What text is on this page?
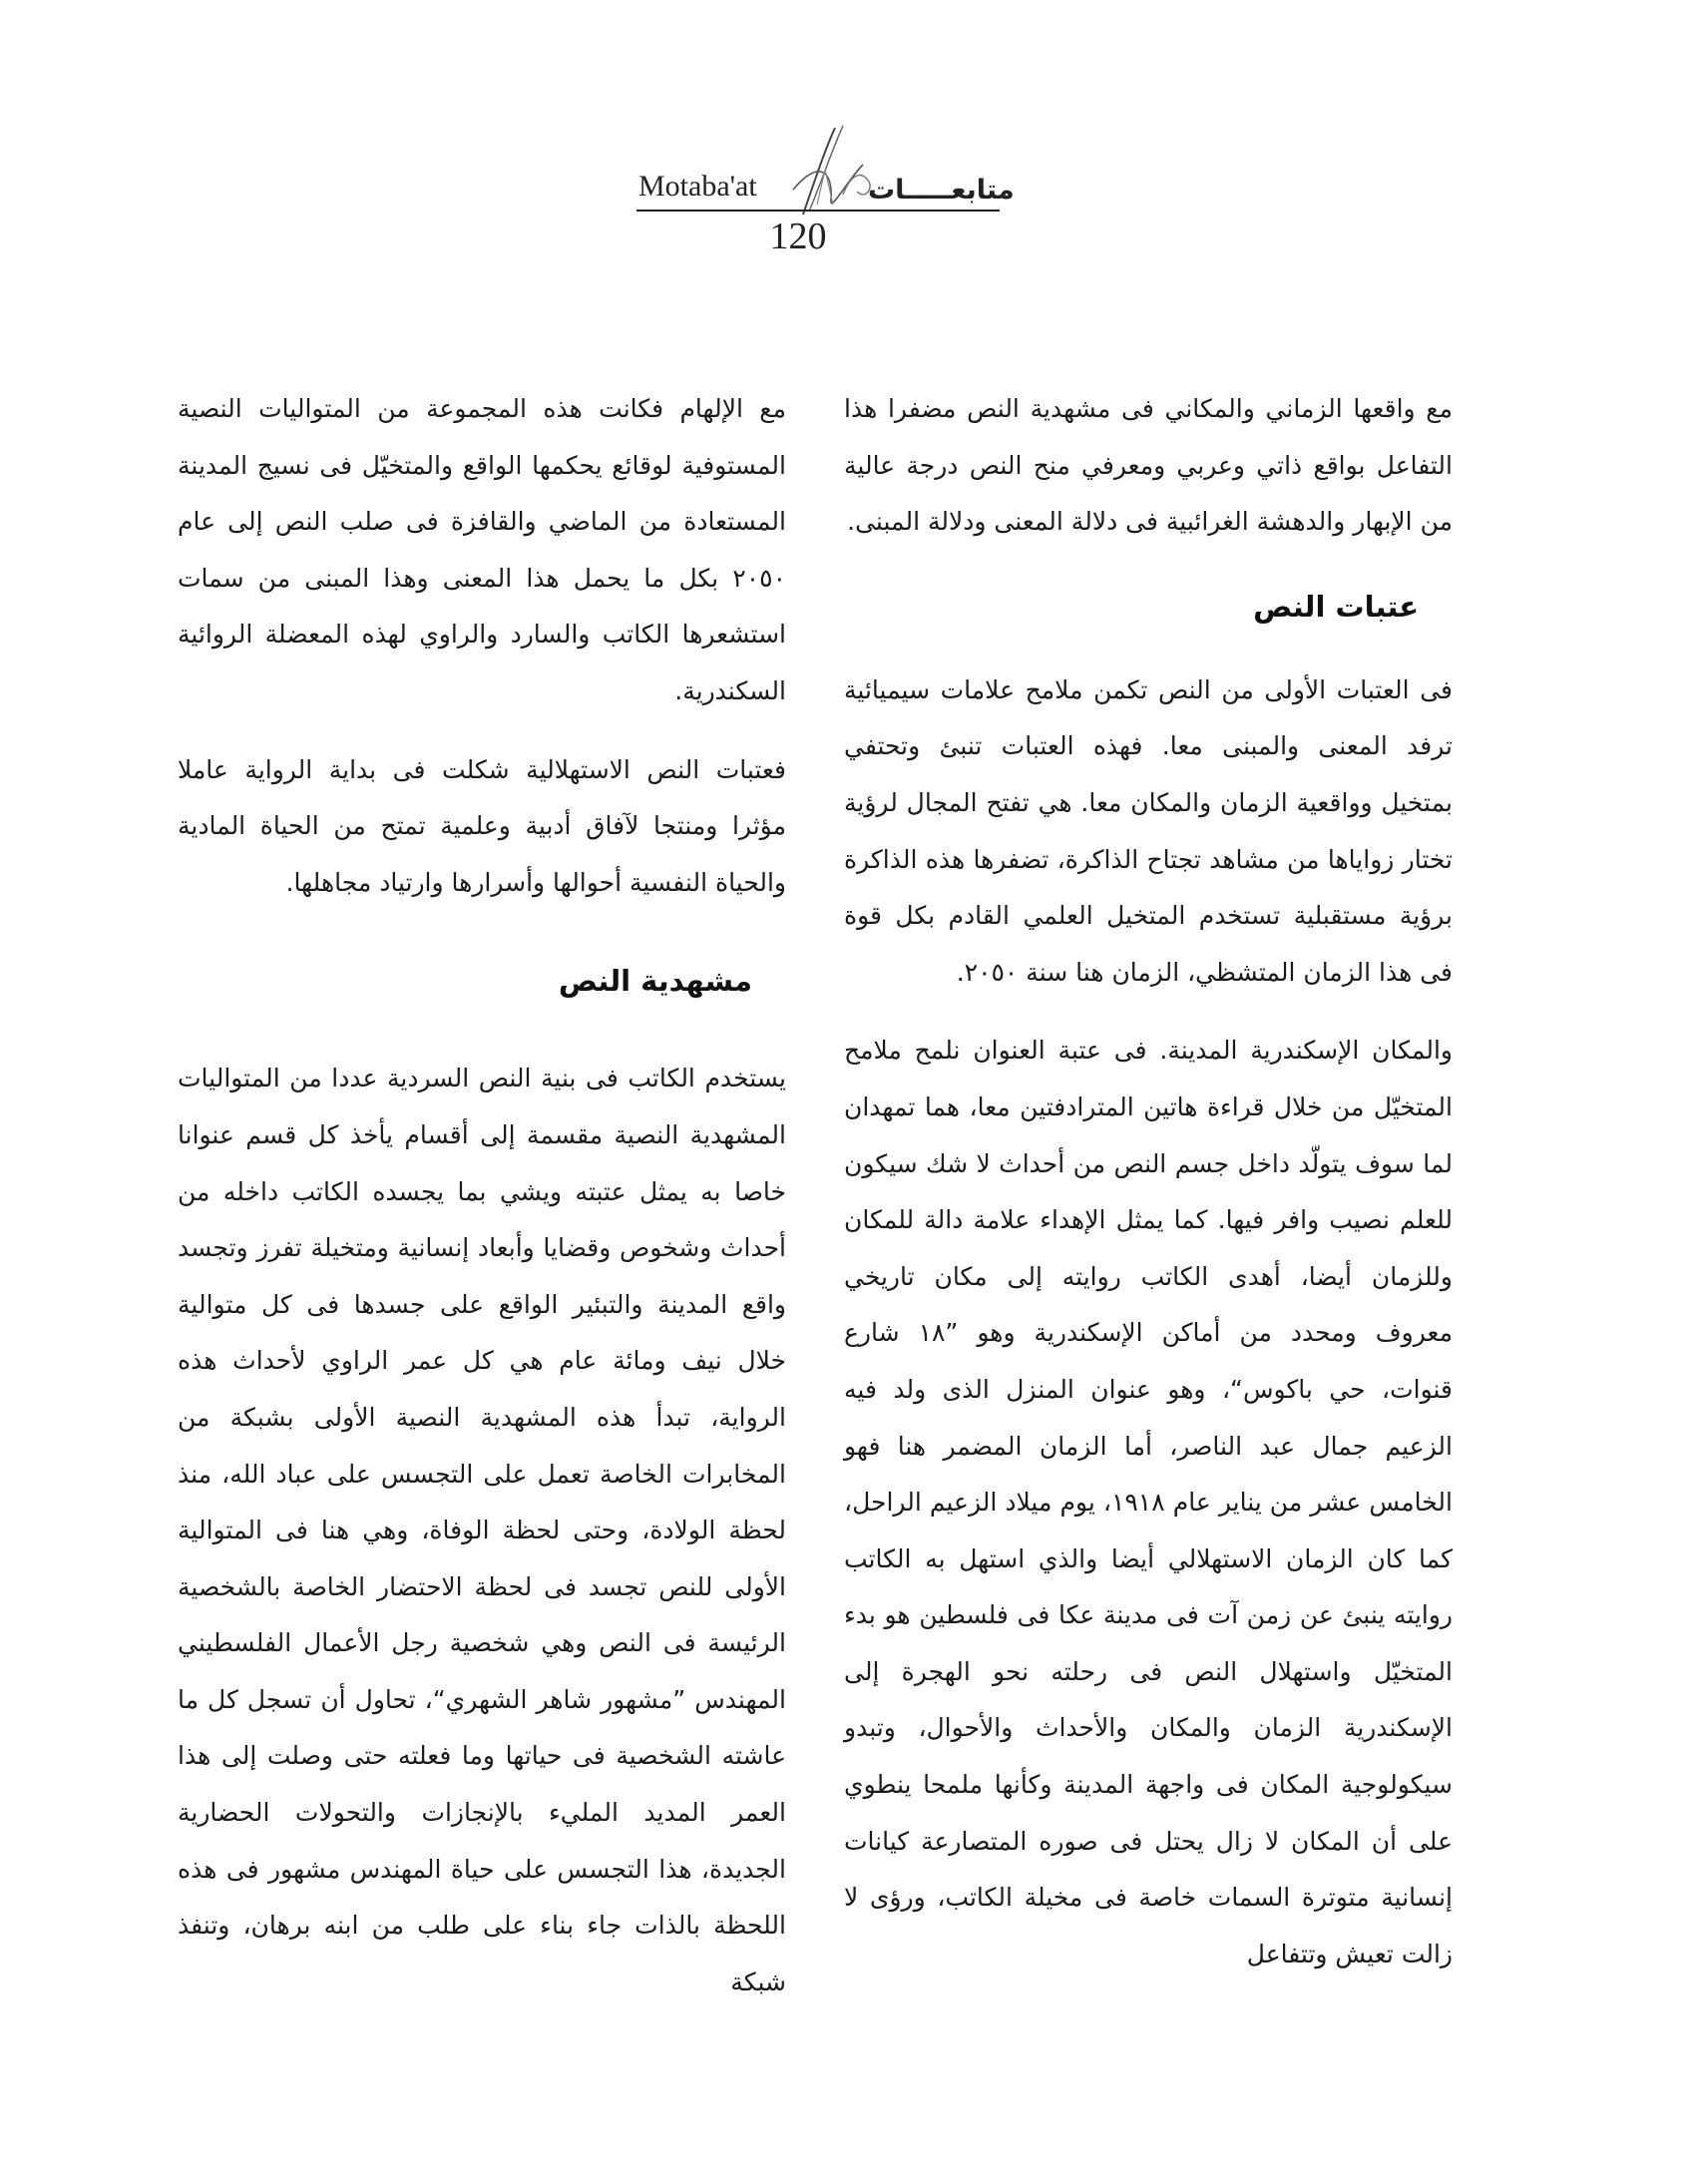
Motaba'at	متابعـــــات
120

مع واقعها الزماني والمكاني فى مشهدية النص مضفرا هذا التفاعل بواقع ذاتي وعربي ومعرفي منح النص درجة عالية من الإبهار والدهشة الغرائبية فى دلالة المعنى ودلالة المبنى.

عتبات النص

فى العتبات الأولى من النص تكمن ملامح علامات سيميائية ترفد المعنى والمبنى معا. فهذه العتبات تنبئ وتحتفي بمتخيل وواقعية الزمان والمكان معا. هي تفتح المجال لرؤية تختار زواياها من مشاهد تجتاح الذاكرة، تضفرها هذه الذاكرة برؤية مستقبلية تستخدم المتخيل العلمي القادم بكل قوة فى هذا الزمان المتشظي، الزمان هنا سنة ٢٠٥٠.

والمكان الإسكندرية المدينة. فى عتبة العنوان نلمح ملامح المتخيّل من خلال قراءة هاتين المترادفتين معا، هما تمهدان لما سوف يتولّد داخل جسم النص من أحداث لا شك سيكون للعلم نصيب وافر فيها. كما يمثل الإهداء علامة دالة للمكان وللزمان أيضا، أهدى الكاتب روايته إلى مكان تاريخي معروف ومحدد من أماكن الإسكندرية وهو ”١٨ شارع قنوات، حي باكوس“، وهو عنوان المنزل الذى ولد فيه الزعيم جمال عبد الناصر، أما الزمان المضمر هنا فهو الخامس عشر من يناير عام ١٩١٨، يوم ميلاد الزعيم الراحل، كما كان الزمان الاستهلالي أيضا والذي استهل به الكاتب روايته ينبئ عن زمن آت فى مدينة عكا فى فلسطين هو بدء المتخيّل واستهلال النص فى رحلته نحو الهجرة إلى الإسكندرية الزمان والمكان والأحداث والأحوال، وتبدو سيكولوجية المكان فى واجهة المدينة وكأنها ملمحا ينطوي على أن المكان لا زال يحتل فى صوره المتصارعة كيانات إنسانية متوترة السمات خاصة فى مخيلة الكاتب، ورؤى لا زالت تعيش وتتفاعل

مع الإلهام فكانت هذه المجموعة من المتواليات النصية المستوفية لوقائع يحكمها الواقع والمتخيّل فى نسيج المدينة المستعادة من الماضي والقافزة فى صلب النص إلى عام ٢٠٥٠ بكل ما يحمل هذا المعنى وهذا المبنى من سمات استشعرها الكاتب والسارد والراوي لهذه المعضلة الروائية السكندرية.

فعتبات النص الاستهلالية شكلت فى بداية الرواية عاملا مؤثرا ومنتجا لآفاق أدبية وعلمية تمتح من الحياة المادية والحياة النفسية أحوالها وأسرارها وارتياد مجاهلها.

مشهدية النص

يستخدم الكاتب فى بنية النص السردية عددا من المتواليات المشهدية النصية مقسمة إلى أقسام يأخذ كل قسم عنوانا خاصا به يمثل عتبته ويشي بما يجسده الكاتب داخله من أحداث وشخوص وقضايا وأبعاد إنسانية ومتخيلة تفرز وتجسد واقع المدينة والتبئير الواقع على جسدها فى كل متوالية خلال نيف ومائة عام هي كل عمر الراوي لأحداث هذه الرواية، تبدأ هذه المشهدية النصية الأولى بشبكة من المخابرات الخاصة تعمل على التجسس على عباد الله، منذ لحظة الولادة، وحتى لحظة الوفاة، وهي هنا فى المتوالية الأولى للنص تجسد فى لحظة الاحتضار الخاصة بالشخصية الرئيسة فى النص وهي شخصية رجل الأعمال الفلسطيني المهندس ”مشهور شاهر الشهري“، تحاول أن تسجل كل ما عاشته الشخصية فى حياتها وما فعلته حتى وصلت إلى هذا العمر المديد المليء بالإنجازات والتحولات الحضارية الجديدة، هذا التجسس على حياة المهندس مشهور فى هذه اللحظة بالذات جاء بناء على طلب من ابنه برهان، وتنفذ شبكة
